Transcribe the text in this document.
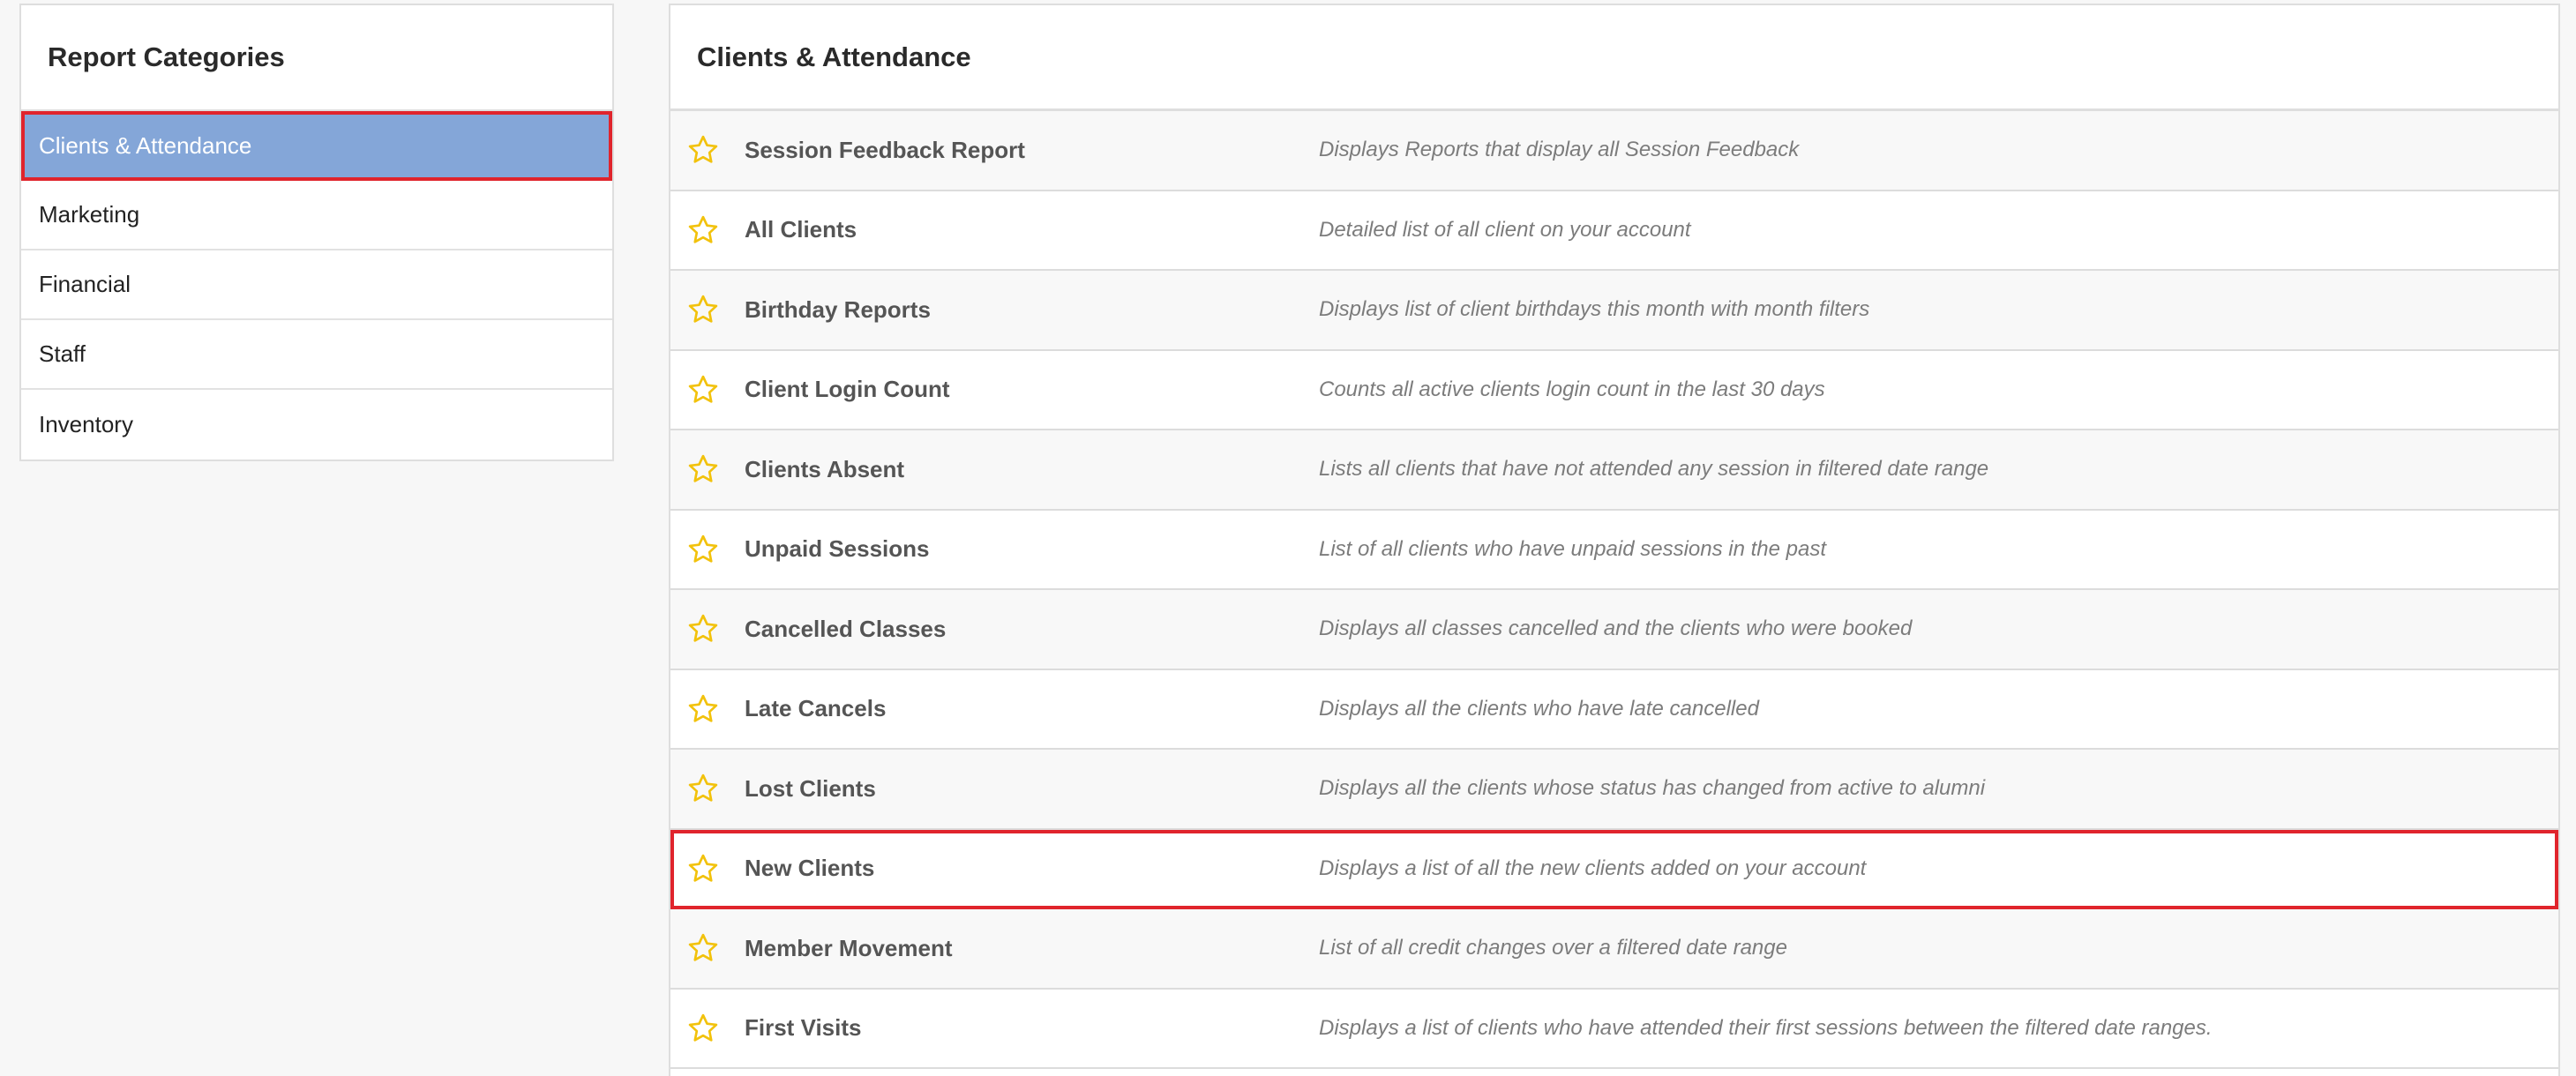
Report Categories
Clients & Attendance
Marketing
Financial
Staff
Inventory
Clients & Attendance
Session Feedback Report	Displays Reports that display all Session Feedback
All Clients	Detailed list of all client on your account
Birthday Reports	Displays list of client birthdays this month with month filters
Client Login Count	Counts all active clients login count in the last 30 days
Clients Absent	Lists all clients that have not attended any session in filtered date range
Unpaid Sessions	List of all clients who have unpaid sessions in the past
Cancelled Classes	Displays all classes cancelled and the clients who were booked
Late Cancels	Displays all the clients who have late cancelled
Lost Clients	Displays all the clients whose status has changed from active to alumni
New Clients	Displays a list of all the new clients added on your account
Member Movement	List of all credit changes over a filtered date range
First Visits	Displays a list of clients who have attended their first sessions between the filtered date ranges.
